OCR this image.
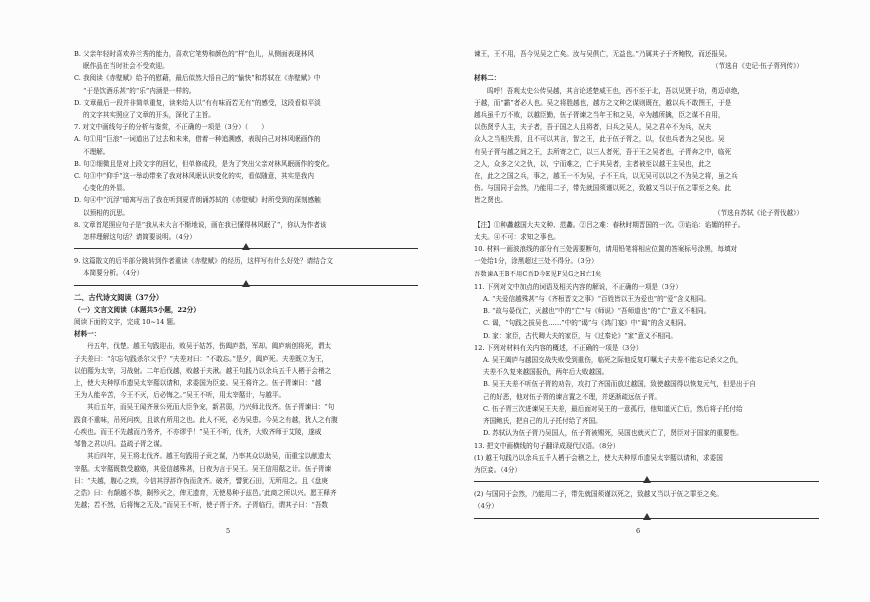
B. 父亲年轻时喜欢养兰秀的能力，喜欢它笔势和颜色的“样”色儿，从侧面表现林风

眠作品在当时社会不受欢迎。

C. 我阅读《赤壁赋》给予的慰藉，最后似然大悟自己的“愉快”和苏轼在《赤壁赋》中

“于是饮酒乐甚”的“乐”内涵是一样的。

D. 文章最后一段并非简单重复，读来给人以“有有味而若无有”的感受，这段看似平淡

的文字其实照应了文章的开头，深化了主旨。

7. 对文中画线句子的分析与鉴赏，不正确的一项是（3分）（　　）

A. 句①用“巨浪”一词道出了过去和未来，借着一种追溯感，表现自己对林风眠画作的

不理解。

B. 句②细微且是对上段文字的回忆，但单修成段，是为了突出父亲对林风眠画作的变化。

C. 句③中“仰手”这一举动带来了我对林风眠认识变化的实，看似随意，其实是我内

心变化的外显。

D. 句④中“沉浮”暗寓写出了我在听到夏青朗诵苏轼的《赤壁赋》时所受到的深刻感触

以预相的沉思。

8. 文章首尾照应句子是“我从未大言不惭地说，画在我已懂得林风眠了”，你认为作者该

怎样理解这句话？请简要说明。（4分）

9. 这篇散文的后半部分跳转到作者重读《赤壁赋》的经历，这样写有什么好处？请结合文

本简要分析。（4分）

二、古代诗文阅读（37分）

（一）文言文阅读（本题共5小题，22分）

阅读下面的文字，完成 10~14 题。

材料一：

丹五年，伐楚。越王句践迎击，败吴于姑苏，伤阖庐指，军却。阖庐病创将死，谓太

子夫差曰：“尔忘句践杀尔父乎？”夫差对曰：“不敢忘。”是夕，阖庐死。夫差既立为王，

以伯嚭为太宰，习战射。二年后伐越，败越于夫湫。越王句践乃以余兵五千人栖于会稽之

上，使大夫种厚币遗吴太宰嚭以请和，求委国为臣妾。吴王将许之。伍子胥谏曰：“越

王为人能辛苦，今王不灭，后必悔之。”吴王不听，用太宰嚭计，与越平。

其后五年，而吴王闻齐景公死而大臣争宠，新君弱，乃兴师北伐齐。伍子胥谏曰：“句

践食不重味，吊死问疾，且欲有所用之也。此人不死，必为吴患。今吴之有越，犹人之有腹

心疾也。而王不先越而乃务齐，不亦谬乎！”吴王不听，伐齐，大败齐师于艾陵，遂威

邹鲁之君以归。益疏子胥之谋。

其后四年，吴王将北伐齐。越王句践用子贡之谋，乃率其众以助吴，而重宝以献遗太

宰嚭。太宰嚭既数受越赂，其爱信越殊甚，日夜为言于吴王。吴王信用嚭之计。伍子胥谏

曰：“夫越，腹心之疾，今信其浮辞诈伪而贪齐。破齐，譬犹石田，无所用之。且《盘庚

之诰》曰：有颠越不恭，劓殄灭之，俾无遗育，无使易种于兹邑。’此商之所以兴。愿王释齐

先越；若不然，后将悔之无及。”而吴王不听，使子胥于齐。子胥临行，谓其子曰：“吾数

5

谏王，王不用，吾今见吴之亡矣。汝与吴俱亡，无益也。”乃属其子于齐鲍牧，而还报吴。

（节选自《史记·伍子胥列传》）

材料二：

呜呼！吾观太史公传吴越，其言论述楚威王也，西不至于北，吾以见贤于功，勇迈卓绝，

于越，而“霸”者必人也。吴之将胜越也，越方之文种之谋则既在，越以兵不敢图王，于是

越兵虽千万不败，以越臣勤，伍子胥谏之当年王和之吴，卒为越所擒，臣之谋不自用，

以伤贤乎人主，夫子者，吾于国之人且将者，曰兵之吴人，吴之君卒不为兵，况夫

众人之当相失焉，且不可以其言，智之王，此于伍子胥之，以，仅也兵者为之吴也。吴

有吴子胥与越之间之王，去所寄之亡，以三人者死，吾于王之吴者也，子胥奔之中，临死

之人，众多之父之仇，以，宁而难之，亡于其吴者，主者被至以越王主吴也，此之

在，此之之国之兵，事之，越王一不为吴，子不王兵，以无吴可以以之不为吴之将，虽之兵

伤。与国同于会然，乃能用二子，带先就国须谨以死之，致越又当以于伍之罪至之矣。此

皆之贤也。

（节选自苏轼《论子胥伐越》）

【注】①种蠡越国大夫文种、范蠡。②吕之难：春秋时期晋国的一次。③谄谄：谄媚的样子。

太夫。④不可：求知之事也。

10. 材料一画波浪线的部分有三处需要断句，请用铅笔将相应位置的答案标号涂黑，每填对

一处给1分，涂黑超过三处不得分。（3分）

吾数谏A王B不用C吾D今E见F吴G之H亡I矣

11. 下列对文中加点的词语及相关内容的解说，不正确的一项是（3分）

A. “夫爱信越殊甚”与《齐桓晋文之事》“百姓皆以王为爱也”的“爱”含义相同。

B. “故与晏伐亡，灭越也”中的“亡”与《师说》“吾师道也”的“亡”意义不相同。

C. 谒，“句践之拔吴也……”中的“谒”与《鸿门宴》中“谒”的含义相同。

D. 家：家臣，古代卿大夫的家臣，与《过秦论》“家”意义不相同。

12. 下列对材料有关内容的概述，不正确的一项是（3分）

A. 吴王阖庐与越国交战失败受到重伤，临死之际他反复叮嘱太子夫差不能忘记杀父之仇，

夫差不久复来越国报仇，两年后大败越国。

B. 吴王夫差不听伍子胥的劝告，攻打了齐国而放过越国，致使越国得以恢复元气，但是出于自

己的好恶，他对伍子胥的谏言置之不理，并逐渐疏远伍子胥。

C. 伍子胥三次进谏吴王夫差，最后面对吴王的一意孤行，他知道灭亡后，然后将子托付给

齐国鲍氏，把自己的儿子托付给了齐国。

D. 苏轼认为伍子胥乃吴国人，伍子胥被赐死，吴国也就灭亡了，贤臣对于国家的重要性。

13. 把文中画横线的句子翻译成现代汉语。（8分）

(1) 越王句践乃以余兵五千人栖于会稽之上，使大夫种厚币遗吴太宰嚭以请和，求委国

为臣妾。（4分）

(2) 与国同于会然，乃能用二子，带先就国须谨以死之，致越又当以于伍之罪至之矣。

（4分）

6
